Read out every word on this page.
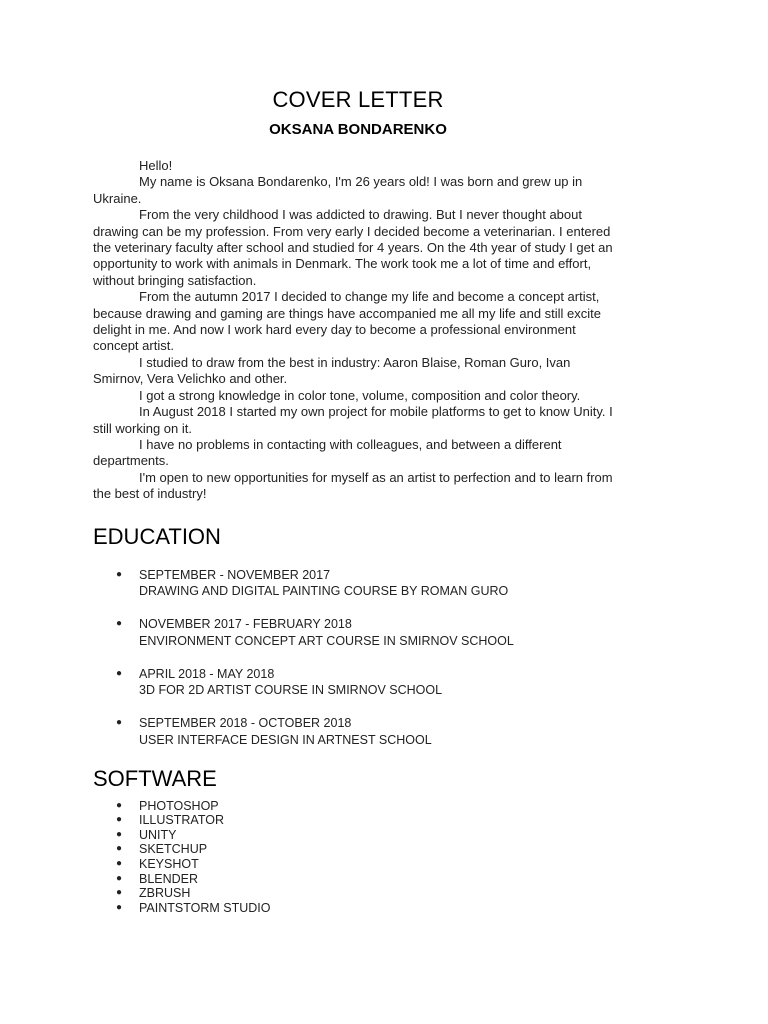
COVER LETTER
OKSANA BONDARENKO

Hello!

My name is Oksana Bondarenko, I'm 26 years old! I was born and grew up in Ukraine.

From the very childhood I was addicted to drawing. But I never thought about drawing can be my profession. From very early I decided become a veterinarian. I entered the veterinary faculty after school and studied for 4 years. On the 4th year of study I get an opportunity to work with animals in Denmark. The work took me a lot of time and effort, without bringing satisfaction.

From the autumn 2017 I decided to change my life and become a concept artist, because drawing and gaming are things have accompanied me all my life and still excite delight in me. And now I work hard every day to become a professional environment concept artist.

I studied to draw from the best in industry: Aaron Blaise, Roman Guro, Ivan Smirnov, Vera Velichko and other.

I got a strong knowledge in color tone, volume, composition and color theory.

In August 2018 I started my own project for mobile platforms to get to know Unity. I still working on it.

I have no problems in contacting with colleagues, and between a different departments.

I'm open to new opportunities for myself as an artist to perfection and to learn from the best of industry!

EDUCATION
● SEPTEMBER - NOVEMBER 2017
DRAWING AND DIGITAL PAINTING COURSE BY ROMAN GURO
● NOVEMBER 2017 - FEBRUARY 2018
ENVIRONMENT CONCEPT ART COURSE IN SMIRNOV SCHOOL
● APRIL 2018 - MAY 2018
3D FOR 2D ARTIST COURSE IN SMIRNOV SCHOOL
● SEPTEMBER 2018 - OCTOBER 2018
USER INTERFACE DESIGN IN ARTNEST SCHOOL
SOFTWARE
● PHOTOSHOP
● ILLUSTRATOR
● UNITY
● SKETCHUP
● KEYSHOT
● BLENDER
● ZBRUSH
● PAINTSTORM STUDIO
